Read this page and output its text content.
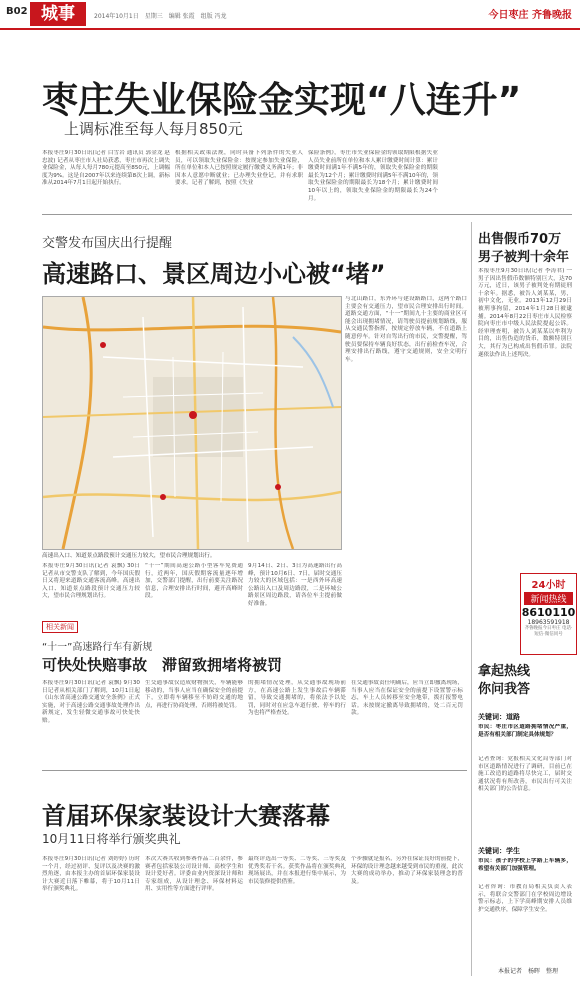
B02 城事	2014年10月1日　星期三　编辑 张霞　组版 冯龙	今日枣庄 齐鲁晚报
枣庄失业保险金实现“八连升”
上调标准至每人每月850元
本报枣庄9月30日讯(记者 白雪岩 通讯员 郭金龙 赵忠波) 记者从枣庄市人社局获悉，枣庄市再次上调失业保险金，从每人每月780元提高至850元，上调幅度为9%。这是自2007年以来连续第8次上调，新标准从2014年7月1日起开始执行。
根据相关政策法规，同时具备下列条件的失业人员，可以领取失业保险金：按规定参加失业保险，所在单位和本人已按照规定履行缴费义务满1年；非因本人意愿中断就业；已办理失业登记，并有求职要求。记者了解到，按照《失业
保险条例》，枣庄市失业保险金的领取期限根据失业人员失业前所在单位和本人累计缴费时间计算：累计缴费时间满1年不满5年的，领取失业保险金的期限最长为12个月；累计缴费时间满5年不满10年的，领取失业保险金的期限最长为18个月；累计缴费时间10年以上的，领取失业保险金的期限最长为24个月。
交警发布国庆出行提醒
高速路口、景区周边小心被“堵”
高速出入口、知道景点路段预计交通压力较大，望市民合理规划出行。
与北山路口，东外环与建设路路口，这两个路口主要会有交通压力，望市民合理安排出行时间。道路交通方面，“十一”期间九十主要的商业区可能会出现拥堵情况，请驾驶员提前规划路线，服从交通民警指挥，按规定停放车辆，不在道路上随意停车。针对自驾出行的市民，交警提醒，驾驶员要保持车辆良好状态，出行前检查车况，合理安排出行路线，遵守交通规则，安全文明行车。
本报枣庄9月30日讯(记者 袁飘) 30日记者从市交警支队了解到，今年国庆假日又将迎来道路交通客流高峰。高速出入口、知道景点路段预计交通压力较大，望市民合理规划出行。
“十一”期间高速公路小型客车免费通行，近两年，国庆假期客流量逐年增加，交警部门提醒，出行前要关注路况信息，合理安排出行时间，避开高峰时段。
9月14日、2日、3日为高速路出行高峰，预计10月6日、7日，届时交通压力较大的区域包括：一是西外环高速公路出入口及周边路段，二是环城公路景区周边路段，请各位车主提前做好准备。
相关新闻
“十一”高速路行车有新规
可快处快赔事故　滞留致拥堵将被罚
本报枣庄9月30日讯(记者 袁飘) 9月30日记者从相关部门了解到，10月1日起《山东省高速公路交通安全条例》正式实施，对于高速公路交通事故处理作出新规定，发生轻微交通事故可快处快赔。
生交通事故仅造成财物损失，车辆能够移动的，当事人应当在确保安全的前提下，立即将车辆移至不妨碍交通的地点，再进行协商处理，否则将被处罚。
的拥堵情况处理，从交通事故现场前方，在高速公路上发生事故后车辆滞留，导致交通拥堵的，将依法予以处罚，同时对在应急车道行驶、停车的行为也将严格查处。
在交通事故责任明确后，应当立即撤离现场，当事人应当在保证安全的前提下设置警示标志，车上人员转移至安全地带，拨打报警电话。未按规定撤离导致拥堵的，处二百元罚款。
首届环保家装设计大赛落幕
10月11日将举行颁奖典礼
本报枣庄9月30日讯(记者 刘婷婷) 历时一个月，经过初评、复评以及决赛的激烈角逐，由本报主办的首届环保家装设计大赛近日落下帷幕，将于10月11日举行颁奖典礼。
本次大赛共收到参赛作品二百余件，参赛者包括家装公司设计师、高校学生和设计爱好者。评委由业内资深设计师和专家组成，从设计理念、环保材料运用、实用性等方面进行评审。
最终评选出一等奖、二等奖、三等奖及优秀奖若干名。获奖作品将在颁奖典礼现场展出，并在本报进行集中展示，为市民装修提供借鉴。
个步骤就是报名，另外在保证良好的前提下，环保的设计理念越来越受到市民的重视，此次大赛的成功举办，推动了环保家装理念的普及。
出售假币70万
男子被判十余年
本报枣庄9月30日讯(记者 李涛君) 一男子因出售假币数额特别巨大，达70万元，近日，该男子被判处有期徒刑十余年。据悉，被告人刘某某，男，初中文化，无业。2013年12月29日被刑事拘留，2014年1月28日被逮捕。2014年8月22日枣庄市人民检察院向枣庄市中级人民法院提起公诉。经审理查明，被告人刘某某以牟利为目的，出售伪造的货币，数额特别巨大，其行为已构成出售假币罪。法院遂依法作出上述判决。
24小时
新闻热线
8610110
18963591918
齐鲁晚报今日枣庄 电话·短信·微信同号
拿起热线
你问我答
关键词：道路
市民：枣庄市区道路拥堵情况严重，是否有相关部门制定具体规划？
记者查询：党报相关文化局等部门对市区道路情况进行了调研，目前已在施工改造的道路将尽快完工，届时交通状况将有所改善，市民出行可关注相关部门的公告信息。
关键词：学生
市民：孩子的学校上学路上车辆多，希望有关部门加强管理。
记者咨询：市教育局相关负责人表示，将联合交警部门在学校周边增设警示标志，上下学高峰期安排人员维护交通秩序，保障学生安全。
本报记者　杨晖　整理
